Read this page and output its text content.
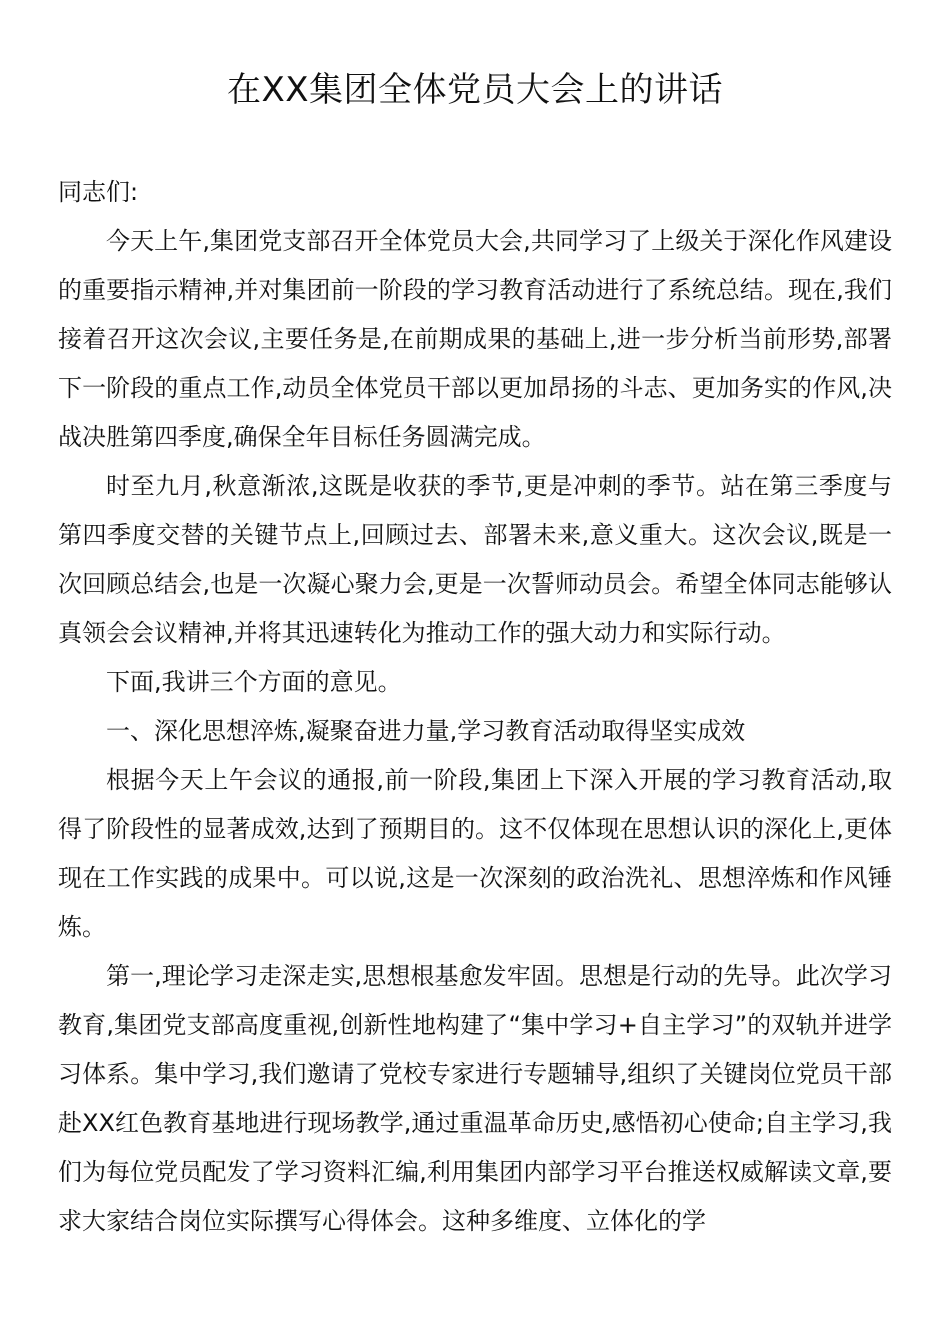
在XX集团全体党员大会上的讲话

同志们:

今天上午,集团党支部召开全体党员大会,共同学习了上级关于深化作风建设的重要指示精神,并对集团前一阶段的学习教育活动进行了系统总结。现在,我们接着召开这次会议,主要任务是,在前期成果的基础上,进一步分析当前形势,部署下一阶段的重点工作,动员全体党员干部以更加昂扬的斗志、更加务实的作风,决战决胜第四季度,确保全年目标任务圆满完成。

时至九月,秋意渐浓,这既是收获的季节,更是冲刺的季节。站在第三季度与第四季度交替的关键节点上,回顾过去、部署未来,意义重大。这次会议,既是一次回顾总结会,也是一次凝心聚力会,更是一次誓师动员会。希望全体同志能够认真领会会议精神,并将其迅速转化为推动工作的强大动力和实际行动。

下面,我讲三个方面的意见。

一、深化思想淬炼,凝聚奋进力量,学习教育活动取得坚实成效

根据今天上午会议的通报,前一阶段,集团上下深入开展的学习教育活动,取得了阶段性的显著成效,达到了预期目的。这不仅体现在思想认识的深化上,更体现在工作实践的成果中。可以说,这是一次深刻的政治洗礼、思想淬炼和作风锤炼。

第一,理论学习走深走实,思想根基愈发牢固。思想是行动的先导。此次学习教育,集团党支部高度重视,创新性地构建了“集中学习+自主学习”的双轨并进学习体系。集中学习,我们邀请了党校专家进行专题辅导,组织了关键岗位党员干部赴XX红色教育基地进行现场教学,通过重温革命历史,感悟初心使命;自主学习,我们为每位党员配发了学习资料汇编,利用集团内部学习平台推送权威解读文章,要求大家结合岗位实际撰写心得体会。这种多维度、立体化的学
